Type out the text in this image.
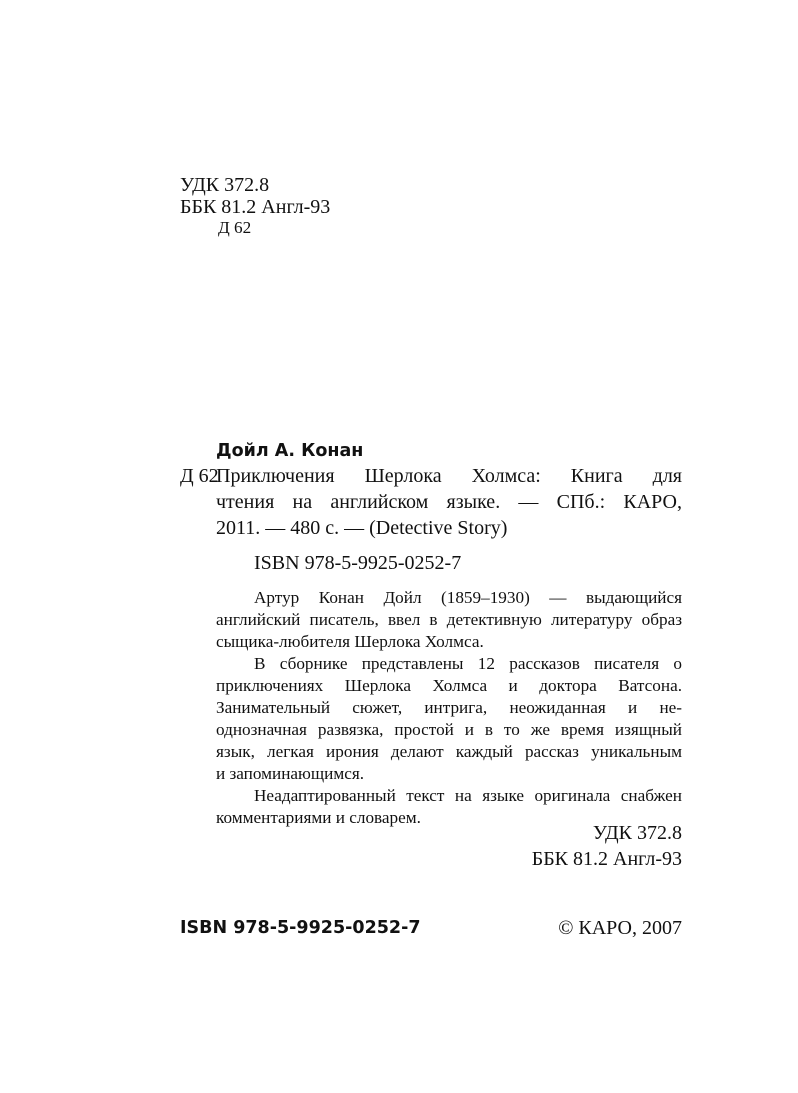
УДК 372.8
ББК 81.2 Англ-93
Д 62
Дойл А. Конан
Д 62
Приключения Шерлока Холмса: Книга для
чтения на английском языке. — СПб.: КАРО,
2011. — 480 с. — (Detective Story)
ISBN 978-5-9925-0252-7
Артур Конан Дойл (1859–1930) — выдающийся
английский писатель, ввел в детективную литературу образ
сыщика-любителя Шерлока Холмса.
В сборнике представлены 12 рассказов писателя о
приключениях Шерлока Холмса и доктора Ватсона.
Занимательный сюжет, интрига, неожиданная и не-
однозначная развязка, простой и в то же время изящный
язык, легкая ирония делают каждый рассказ уникальным
и запоминающимся.
Неадаптированный текст на языке оригинала снабжен
комментариями и словарем.
УДК 372.8
ББК 81.2 Англ-93
ISBN 978-5-9925-0252-7	© КАРО, 2007
